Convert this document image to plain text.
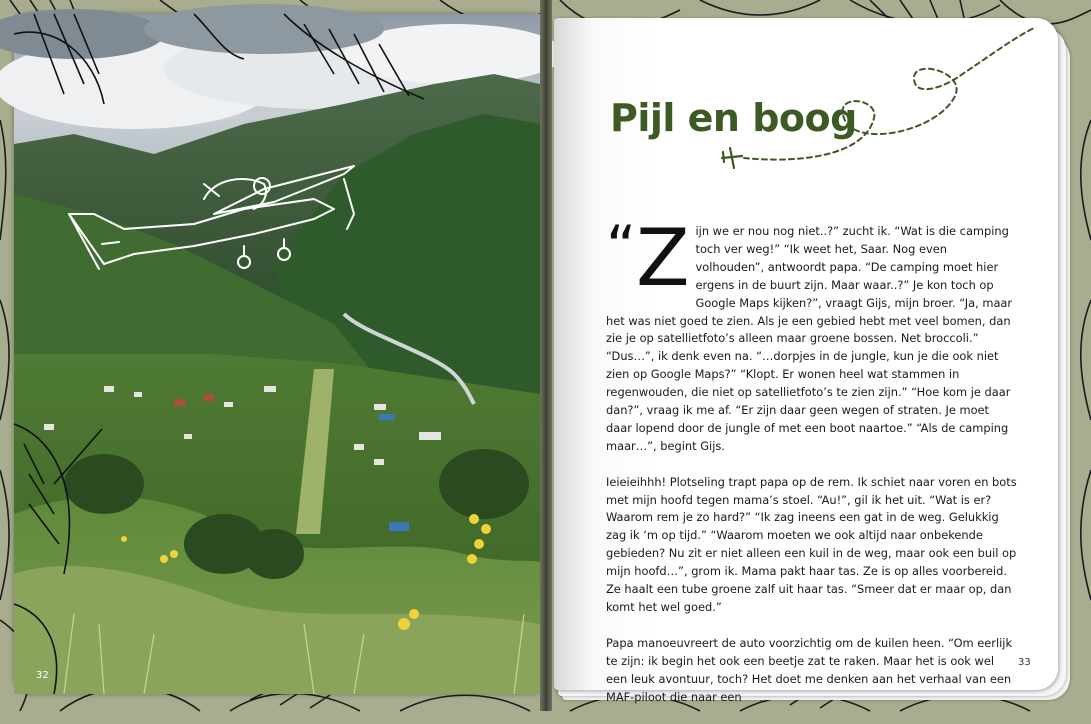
32
Pijl en boog

“Z ijn we er nou nog niet..?” zucht ik. “Wat is die camping toch ver weg!” “Ik weet het, Saar. Nog even volhouden”, antwoordt papa. “De camping moet hier ergens in de buurt zijn. Maar waar..?” Je kon toch op Google Maps kijken?”, vraagt Gijs, mijn broer. “Ja, maar het was niet goed te zien. Als je een gebied hebt met veel bomen, dan zie je op satellietfoto’s alleen maar groene bossen. Net broccoli.” “Dus…”, ik denk even na. “…dorpjes in de jungle, kun je die ook niet zien op Google Maps?” “Klopt. Er wonen heel wat stammen in regenwouden, die niet op satellietfoto’s te zien zijn.” “Hoe kom je daar dan?”, vraag ik me af. “Er zijn daar geen wegen of straten. Je moet daar lopend door de jungle of met een boot naartoe.” “Als de camping maar…”, begint Gijs.

Ieieieihhh! Plotseling trapt papa op de rem. Ik schiet naar voren en bots met mijn hoofd tegen mama’s stoel. “Au!”, gil ik het uit. “Wat is er? Waarom rem je zo hard?” “Ik zag ineens een gat in de weg. Gelukkig zag ik ‘m op tijd.” “Waarom moeten we ook altijd naar onbekende gebieden? Nu zit er niet alleen een kuil in de weg, maar ook een buil op mijn hoofd…”, grom ik. Mama pakt haar tas. Ze is op alles voorbereid. Ze haalt een tube groene zalf uit haar tas. “Smeer dat er maar op, dan komt het wel goed.”

Papa manoeuvreert de auto voorzichtig om de kuilen heen. “Om eerlijk te zijn: ik begin het ook een beetje zat te raken. Maar het is ook wel een leuk avontuur, toch? Het doet me denken aan het verhaal van een MAF-piloot die naar een

33
